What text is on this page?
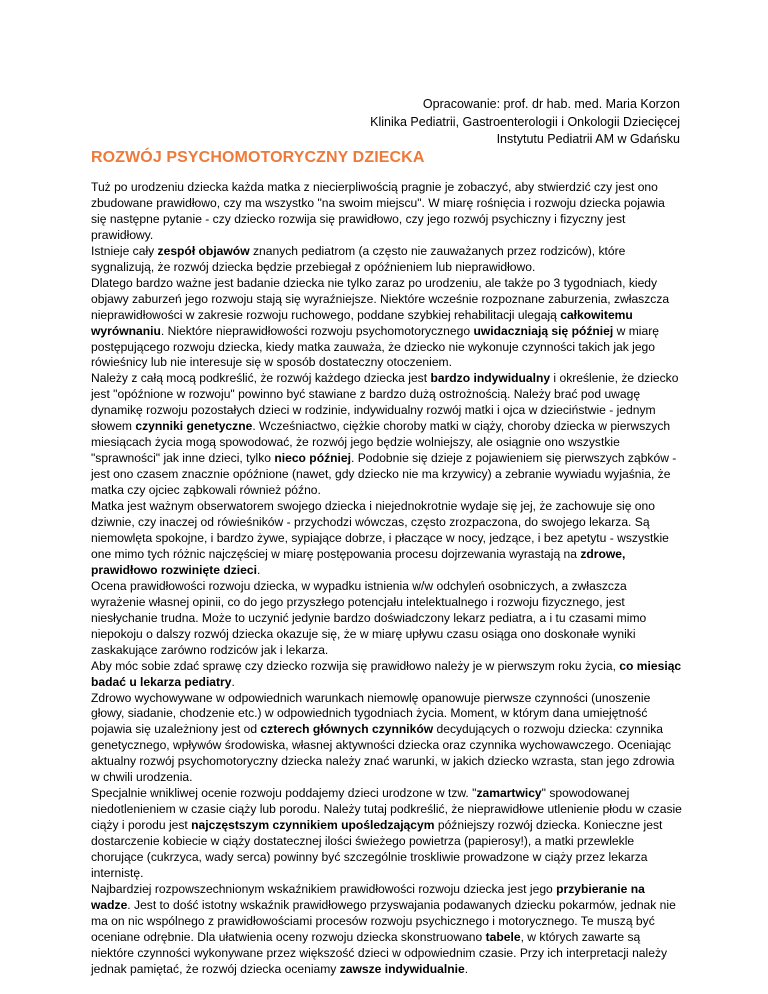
Opracowanie: prof. dr hab. med. Maria Korzon
Klinika Pediatrii, Gastroenterologii i Onkologii Dziecięcej
Instytutu Pediatrii AM w Gdańsku
ROZWÓJ PSYCHOMOTORYCZNY DZIECKA

Tuż po urodzeniu dziecka każda matka z niecierpliwością pragnie je zobaczyć, aby stwierdzić czy jest ono zbudowane prawidłowo, czy ma wszystko "na swoim miejscu". W miarę rośnięcia i rozwoju dziecka pojawia się następne pytanie - czy dziecko rozwija się prawidłowo, czy jego rozwój psychiczny i fizyczny jest prawidłowy.

Istnieje cały zespół objawów znanych pediatrom (a często nie zauważanych przez rodziców), które sygnalizują, że rozwój dziecka będzie przebiegał z opóźnieniem lub nieprawidłowo.

Dlatego bardzo ważne jest badanie dziecka nie tylko zaraz po urodzeniu, ale także po 3 tygodniach, kiedy objawy zaburzeń jego rozwoju stają się wyraźniejsze. Niektóre wcześnie rozpoznane zaburzenia, zwłaszcza nieprawidłowości w zakresie rozwoju ruchowego, poddane szybkiej rehabilitacji ulegają całkowitemu wyrównaniu. Niektóre nieprawidłowości rozwoju psychomotorycznego uwidaczniają się później w miarę postępującego rozwoju dziecka, kiedy matka zauważa, że dziecko nie wykonuje czynności takich jak jego rówieśnicy lub nie interesuje się w sposób dostateczny otoczeniem.

Należy z całą mocą podkreślić, że rozwój każdego dziecka jest bardzo indywidualny i określenie, że dziecko jest "opóźnione w rozwoju" powinno być stawiane z bardzo dużą ostrożnością. Należy brać pod uwagę dynamikę rozwoju pozostałych dzieci w rodzinie, indywidualny rozwój matki i ojca w dzieciństwie - jednym słowem czynniki genetyczne. Wcześniactwo, ciężkie choroby matki w ciąży, choroby dziecka w pierwszych miesiącach życia mogą spowodować, że rozwój jego będzie wolniejszy, ale osiągnie ono wszystkie "sprawności" jak inne dzieci, tylko nieco później. Podobnie się dzieje z pojawieniem się pierwszych ząbków - jest ono czasem znacznie opóźnione (nawet, gdy dziecko nie ma krzywicy) a zebranie wywiadu wyjaśnia, że matka czy ojciec ząbkowali również późno.

Matka jest ważnym obserwatorem swojego dziecka i niejednokrotnie wydaje się jej, że zachowuje się ono dziwnie, czy inaczej od rówieśników - przychodzi wówczas, często zrozpaczona, do swojego lekarza. Są niemowlęta spokojne, i bardzo żywe, sypiające dobrze, i płaczące w nocy, jedzące, i bez apetytu - wszystkie one mimo tych różnic najczęściej w miarę postępowania procesu dojrzewania wyrastają na zdrowe, prawidłowo rozwinięte dzieci.

Ocena prawidłowości rozwoju dziecka, w wypadku istnienia w/w odchyleń osobniczych, a zwłaszcza wyrażenie własnej opinii, co do jego przyszłego potencjału intelektualnego i rozwoju fizycznego, jest niesłychanie trudna. Może to uczynić jedynie bardzo doświadczony lekarz pediatra, a i tu czasami mimo niepokoju o dalszy rozwój dziecka okazuje się, że w miarę upływu czasu osiąga ono doskonałe wyniki zaskakujące zarówno rodziców jak i lekarza.

Aby móc sobie zdać sprawę czy dziecko rozwija się prawidłowo należy je w pierwszym roku życia, co miesiąc badać u lekarza pediatry.

Zdrowo wychowywane w odpowiednich warunkach niemowlę opanowuje pierwsze czynności (unoszenie głowy, siadanie, chodzenie etc.) w odpowiednich tygodniach życia. Moment, w którym dana umiejętność pojawia się uzależniony jest od czterech głównych czynników decydujących o rozwoju dziecka: czynnika genetycznego, wpływów środowiska, własnej aktywności dziecka oraz czynnika wychowawczego. Oceniając aktualny rozwój psychomotoryczny dziecka należy znać warunki, w jakich dziecko wzrasta, stan jego zdrowia w chwili urodzenia.

Specjalnie wnikliwej ocenie rozwoju poddajemy dzieci urodzone w tzw. "zamartwicy" spowodowanej niedotlenieniem w czasie ciąży lub porodu. Należy tutaj podkreślić, że nieprawidłowe utlenienie płodu w czasie ciąży i porodu jest najczęstszym czynnikiem upośledzającym późniejszy rozwój dziecka. Konieczne jest dostarczenie kobiecie w ciąży dostatecznej ilości świeżego powietrza (papierosy!), a matki przewlekle chorujące (cukrzyca, wady serca) powinny być szczególnie troskliwie prowadzone w ciąży przez lekarza internistę.

Najbardziej rozpowszechnionym wskaźnikiem prawidłowości rozwoju dziecka jest jego przybieranie na wadze. Jest to dość istotny wskaźnik prawidłowego przyswajania podawanych dziecku pokarmów, jednak nie ma on nic wspólnego z prawidłowościami procesów rozwoju psychicznego i motorycznego. Te muszą być oceniane odrębnie. Dla ułatwienia oceny rozwoju dziecka skonstruowano tabele, w których zawarte są niektóre czynności wykonywane przez większość dzieci w odpowiednim czasie. Przy ich interpretacji należy jednak pamiętać, że rozwój dziecka oceniamy zawsze indywidualnie.
